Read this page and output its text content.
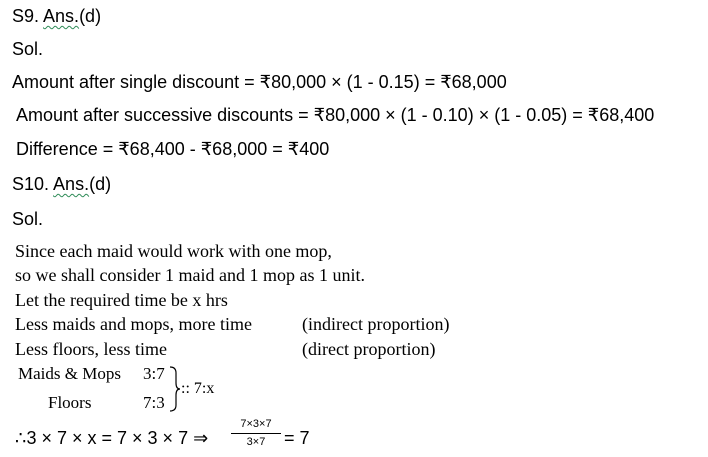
S9. Ans.(d)
Sol.
Amount after single discount = ₹80,000 × (1 - 0.15) = ₹68,000
Amount after successive discounts = ₹80,000 × (1 - 0.10) × (1 - 0.05) = ₹68,400
Difference = ₹68,400 - ₹68,000 = ₹400
S10. Ans.(d)
Sol.
Since each maid would work with one mop,
so we shall consider 1 maid and 1 mop as 1 unit.
Let the required time be x hrs
Less maids and mops, more time	(indirect proportion)
Less floors, less time	(direct proportion)
Maids & Mops 3:7
Floors	7:3
:: 7:x
∴3 × 7 × x = 7 × 3 × 7 ⇒ $\frac{7\times 3\times 7}{3\times 7} = 7$
